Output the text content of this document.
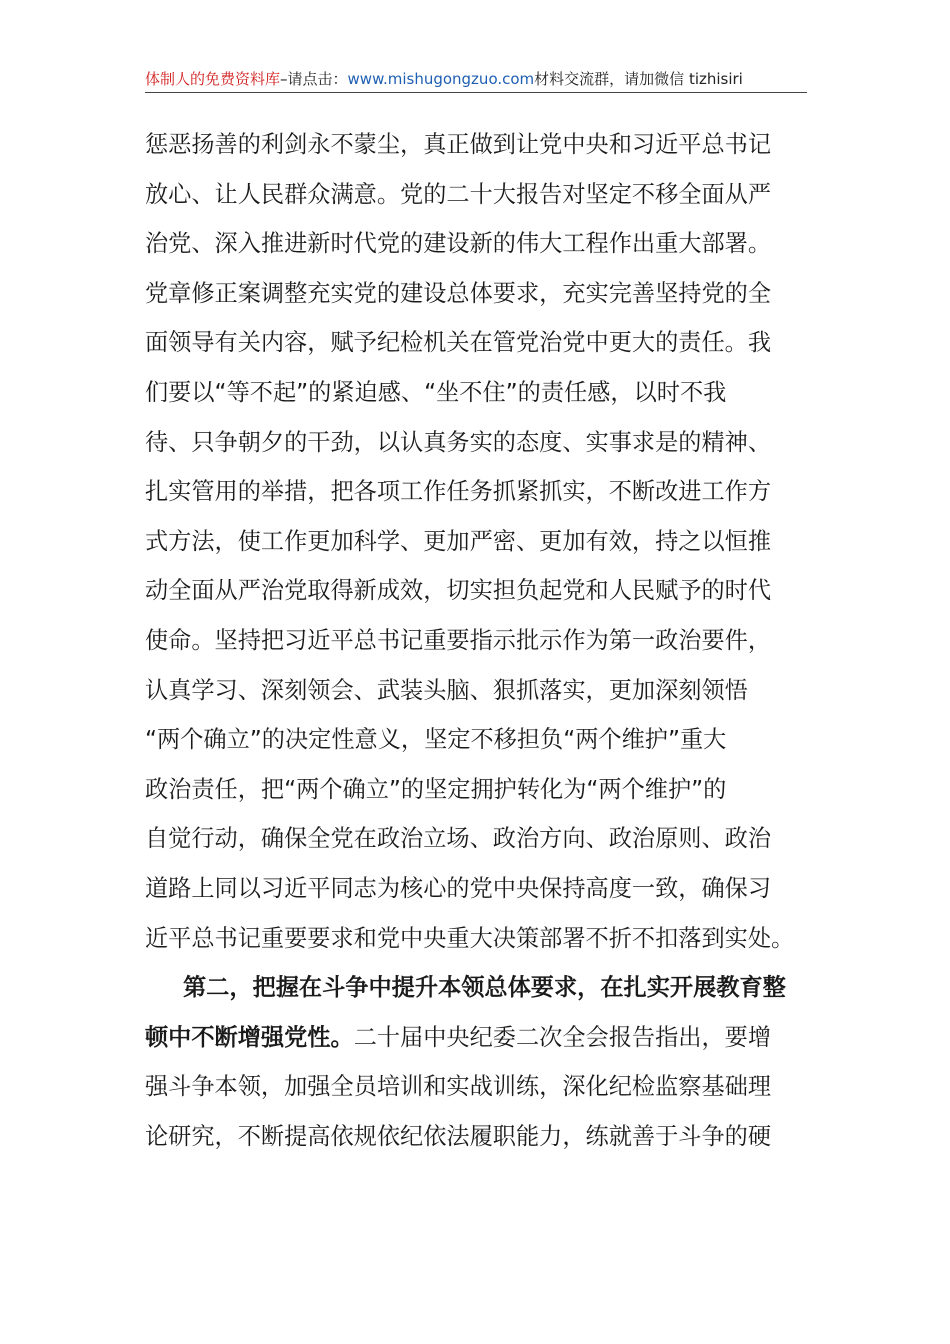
体制人的免费资料库–请点击：www.mishugongzuo.com材料交流群，请加微信 tizhisiri

惩恶扬善的利剑永不蒙尘，真正做到让党中央和习近平总书记
放心、让人民群众满意。党的二十大报告对坚定不移全面从严
治党、深入推进新时代党的建设新的伟大工程作出重大部署。
党章修正案调整充实党的建设总体要求，充实完善坚持党的全
面领导有关内容，赋予纪检机关在管党治党中更大的责任。我
们要以“等不起”的紧迫感、“坐不住”的责任感，以时不我
待、只争朝夕的干劲，以认真务实的态度、实事求是的精神、
扎实管用的举措，把各项工作任务抓紧抓实，不断改进工作方
式方法，使工作更加科学、更加严密、更加有效，持之以恒推
动全面从严治党取得新成效，切实担负起党和人民赋予的时代
使命。坚持把习近平总书记重要指示批示作为第一政治要件，
认真学习、深刻领会、武装头脑、狠抓落实，更加深刻领悟
“两个确立”的决定性意义，坚定不移担负“两个维护”重大
政治责任，把“两个确立”的坚定拥护转化为“两个维护”的
自觉行动，确保全党在政治立场、政治方向、政治原则、政治
道路上同以习近平同志为核心的党中央保持高度一致，确保习
近平总书记重要要求和党中央重大决策部署不折不扣落到实处。

第二，把握在斗争中提升本领总体要求，在扎实开展教育整
顿中不断增强党性。二十届中央纪委二次全会报告指出，要增
强斗争本领，加强全员培训和实战训练，深化纪检监察基础理
论研究，不断提高依规依纪依法履职能力，练就善于斗争的硬
